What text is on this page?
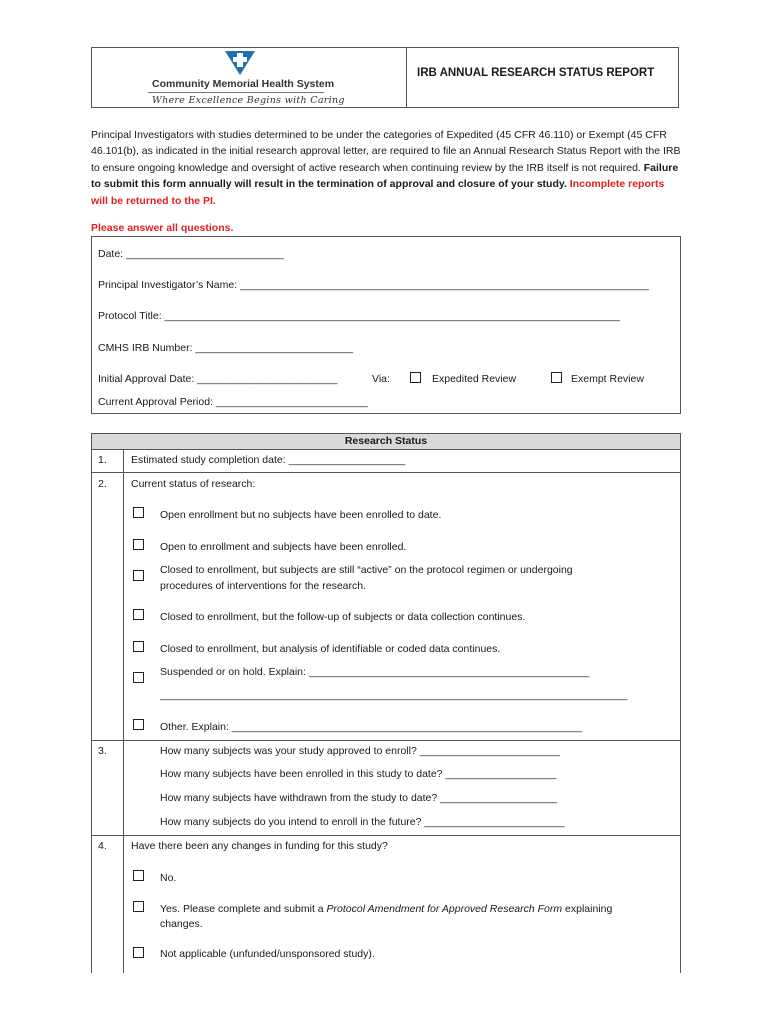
Community Memorial Health System
Where Excellence Begins with Caring
IRB ANNUAL RESEARCH STATUS REPORT
Principal Investigators with studies determined to be under the categories of Expedited (45 CFR 46.110) or Exempt (45 CFR 46.101(b), as indicated in the initial research approval letter, are required to file an Annual Research Status Report with the IRB to ensure ongoing knowledge and oversight of active research when continuing review by the IRB itself is not required. Failure to submit this form annually will result in the termination of approval and closure of your study. Incomplete reports will be returned to the PI.
Please answer all questions.
Date: ___________________________
Principal Investigator’s Name: ______________________________________________________________________
Protocol Title: ______________________________________________________________________________
CMHS IRB Number: ___________________________
Initial Approval Date: ________________________	Via:	Expedited Review	Exempt Review
Current Approval Period: __________________________
Research Status
1. Estimated study completion date: ____________________
2. Current status of research:
Open enrollment but no subjects have been enrolled to date.
Open to enrollment and subjects have been enrolled.
Closed to enrollment, but subjects are still “active” on the protocol regimen or undergoing
procedures of interventions for the research.
Closed to enrollment, but the follow-up of subjects or data collection continues.
Closed to enrollment, but analysis of identifiable or coded data continues.
Suspended or on hold. Explain: ________________________________________________
________________________________________________________________________________
Other. Explain: ____________________________________________________________
3.	How many subjects was your study approved to enroll? ________________________
How many subjects have been enrolled in this study to date? ___________________
How many subjects have withdrawn from the study to date? ____________________
How many subjects do you intend to enroll in the future? ________________________
4. Have there been any changes in funding for this study?
No.
Yes. Please complete and submit a Protocol Amendment for Approved Research Form explaining
changes.
Not applicable (unfunded/unsponsored study).
